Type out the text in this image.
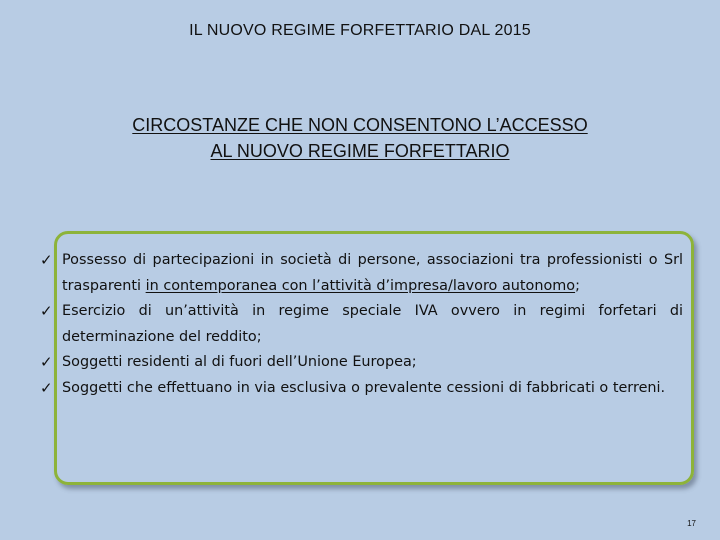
IL NUOVO REGIME FORFETTARIO DAL 2015
CIRCOSTANZE CHE NON CONSENTONO L’ACCESSO
AL NUOVO REGIME FORFETTARIO
✓ Possesso di partecipazioni in società di persone, associazioni tra professionisti o Srl trasparenti in contemporanea con l’attività d’impresa/lavoro autonomo;
✓ Esercizio di un’attività in regime speciale IVA ovvero in regimi forfetari di determinazione del reddito;
✓ Soggetti residenti al di fuori dell’Unione Europea;
✓ Soggetti che effettuano in via esclusiva o prevalente cessioni di fabbricati o terreni.
17
